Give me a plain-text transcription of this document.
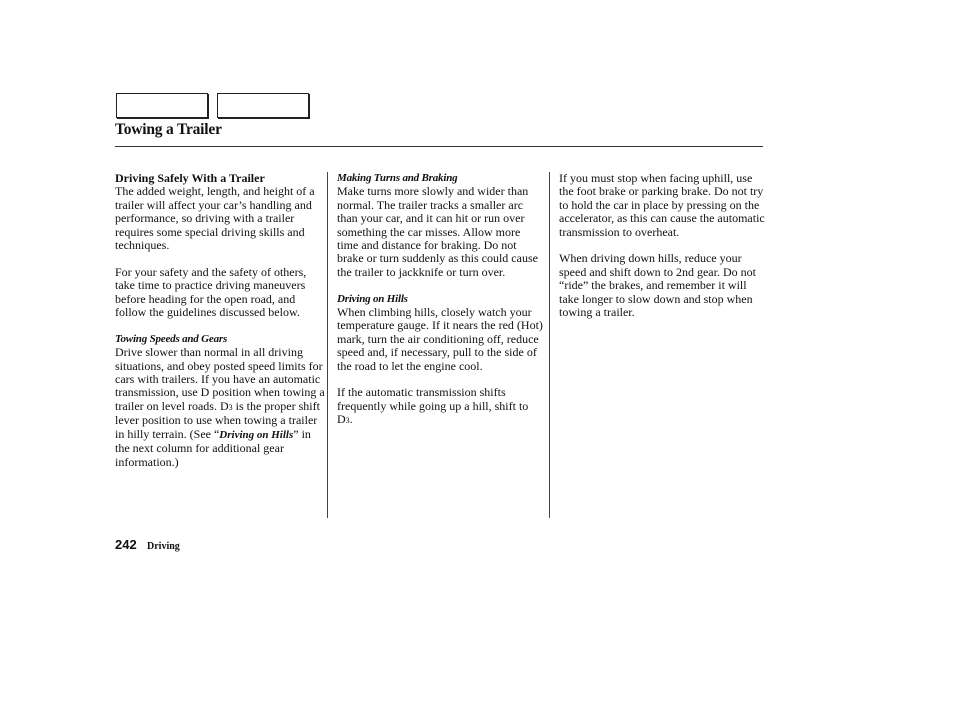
Towing a Trailer
Driving Safely With a Trailer

The added weight, length, and height of a trailer will affect your car’s handling and performance, so driving with a trailer requires some special driving skills and techniques.

For your safety and the safety of others, take time to practice driving maneuvers before heading for the open road, and follow the guidelines discussed below.

Towing Speeds and Gears

Drive slower than normal in all driving situations, and obey posted speed limits for cars with trailers. If you have an automatic transmission, use D position when towing a trailer on level roads. D3 is the proper shift lever position to use when towing a trailer in hilly terrain. (See “Driving on Hills” in the next column for additional gear information.)

Making Turns and Braking

Make turns more slowly and wider than normal. The trailer tracks a smaller arc than your car, and it can hit or run over something the car misses. Allow more time and distance for braking. Do not brake or turn suddenly as this could cause the trailer to jackknife or turn over.

Driving on Hills

When climbing hills, closely watch your temperature gauge. If it nears the red (Hot) mark, turn the air conditioning off, reduce speed and, if necessary, pull to the side of the road to let the engine cool.

If the automatic transmission shifts frequently while going up a hill, shift to D3.

If you must stop when facing uphill, use the foot brake or parking brake. Do not try to hold the car in place by pressing on the accelerator, as this can cause the automatic transmission to overheat.

When driving down hills, reduce your speed and shift down to 2nd gear. Do not “ride” the brakes, and remember it will take longer to slow down and stop when towing a trailer.

242 Driving
